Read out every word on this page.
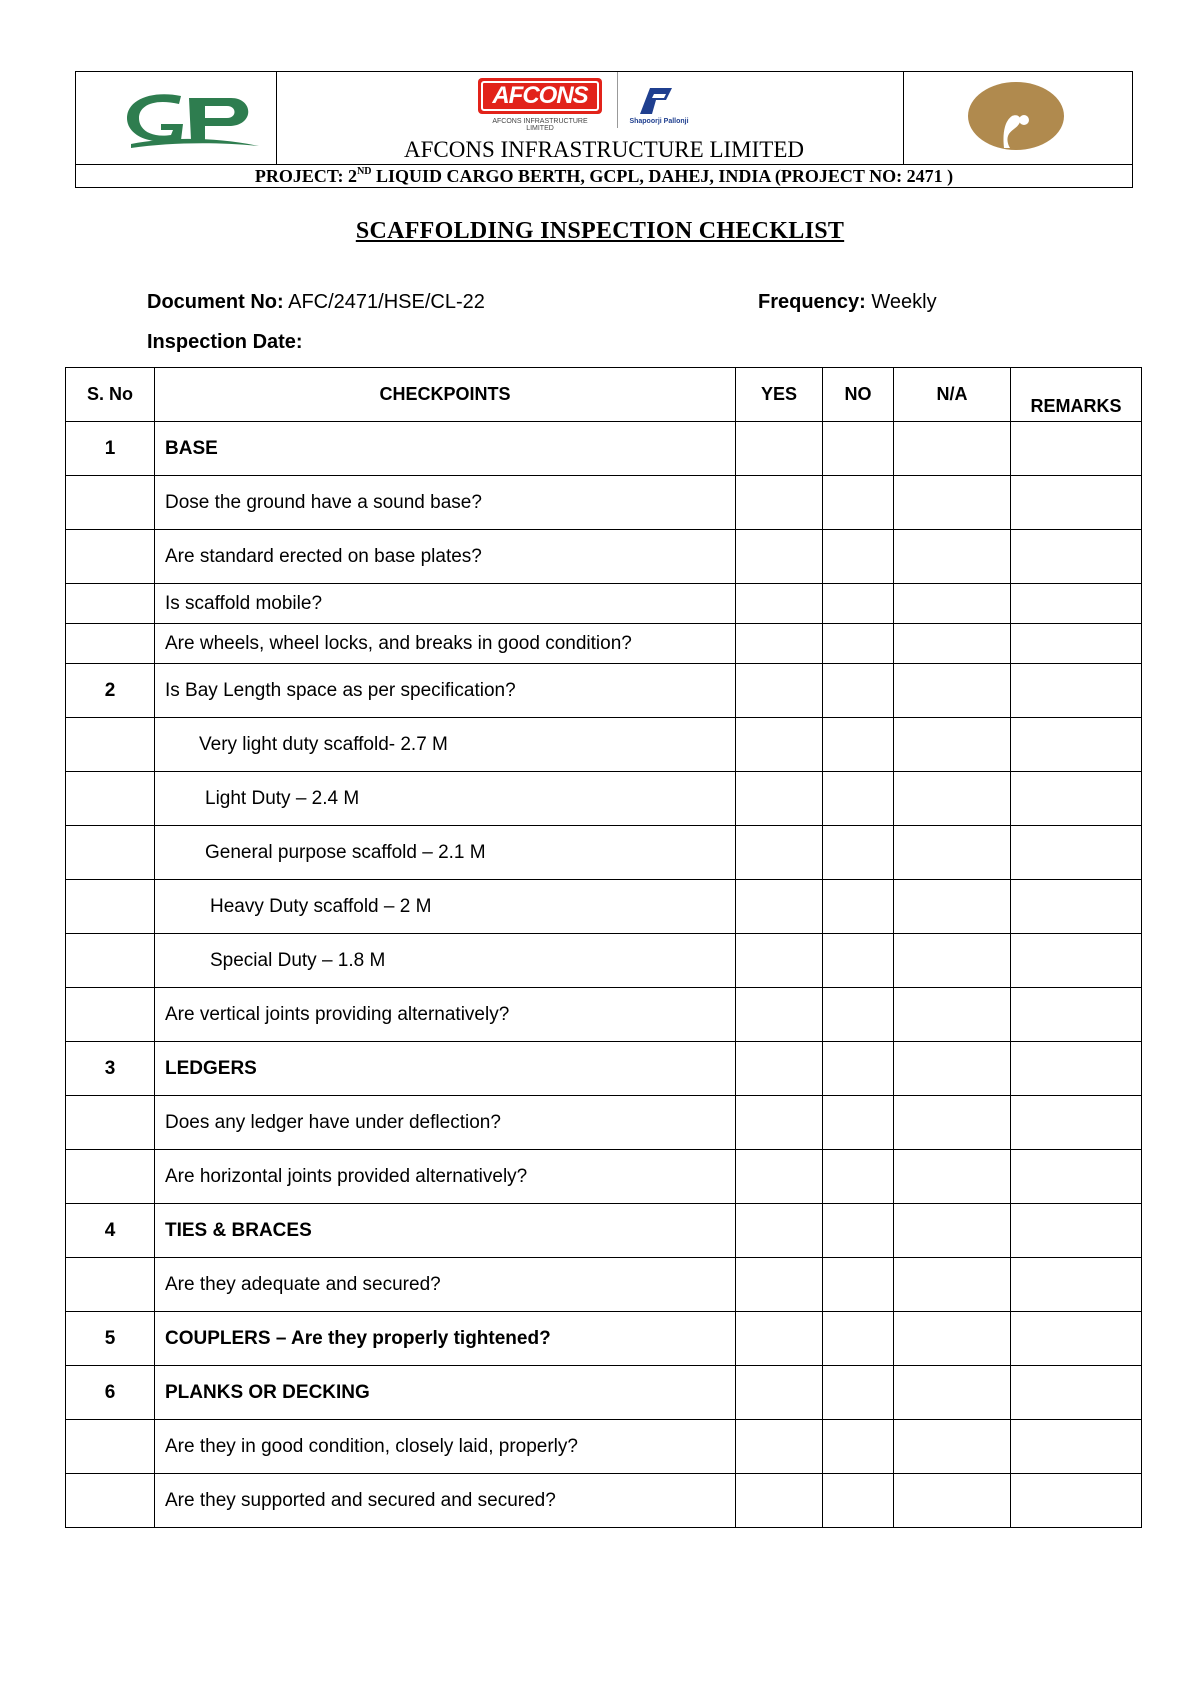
AFCONS
AFCONS INFRASTRUCTURE LIMITED
Shapoorji Pallonji
AFCONS INFRASTRUCTURE LIMITED
PROJECT: 2ND LIQUID CARGO BERTH, GCPL, DAHEJ, INDIA (PROJECT NO: 2471 )
SCAFFOLDING INSPECTION CHECKLIST
Document No: AFC/2471/HSE/CL-22	Frequency: Weekly
Inspection Date:
S. No	CHECKPOINTS	YES	NO	N/A	REMARKS
1	BASE				
	Dose the ground have a sound base?				
	Are standard erected on base plates?				
	Is scaffold mobile?				
	Are wheels, wheel locks, and breaks in good condition?				
2	Is Bay Length space as per specification?				
	Very light duty scaffold- 2.7 M				
	Light Duty – 2.4 M				
	General purpose scaffold – 2.1 M				
	Heavy Duty scaffold – 2 M				
	Special Duty – 1.8 M				
	Are vertical joints providing alternatively?				
3	LEDGERS				
	Does any ledger have under deflection?				
	Are horizontal joints provided alternatively?				
4	TIES & BRACES				
	Are they adequate and secured?				
5	COUPLERS – Are they properly tightened?				
6	PLANKS OR DECKING				
	Are they in good condition, closely laid, properly?				
	Are they supported and secured and secured?				
